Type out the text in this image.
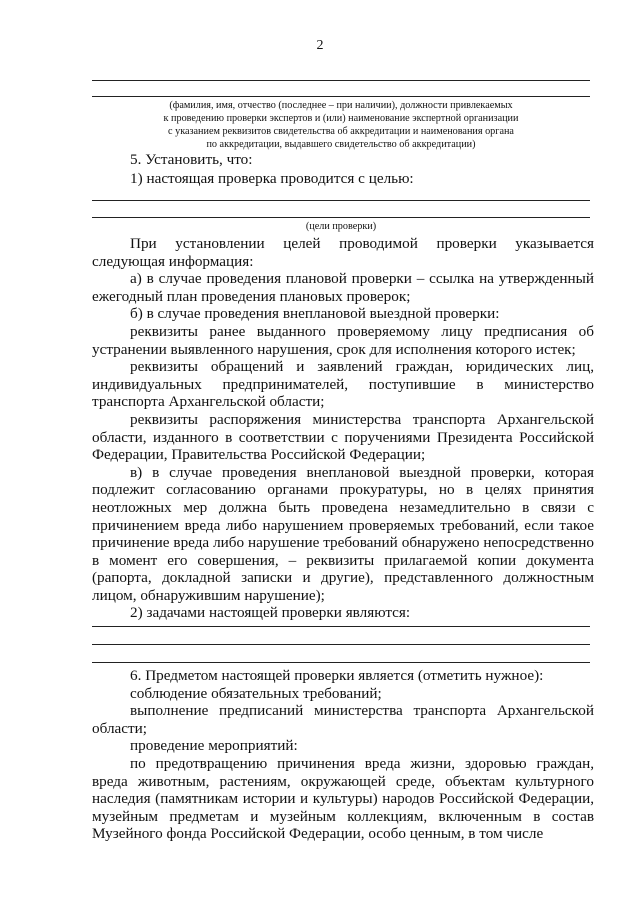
2
(фамилия, имя, отчество (последнее – при наличии), должности привлекаемых
к проведению проверки экспертов и (или) наименование экспертной организации
с указанием реквизитов свидетельства об аккредитации и наименования органа
по аккредитации, выдавшего свидетельство об аккредитации)
5. Установить, что:
1) настоящая проверка проводится с целью:
(цели проверки)
При установлении целей проводимой проверки указывается следующая информация:
а) в случае проведения плановой проверки – ссылка на утвержденный ежегодный план проведения плановых проверок;
б) в случае проведения внеплановой выездной проверки:
реквизиты ранее выданного проверяемому лицу предписания об устранении выявленного нарушения, срок для исполнения которого истек;
реквизиты обращений и заявлений граждан, юридических лиц, индивидуальных предпринимателей, поступившие в министерство транспорта Архангельской области;
реквизиты распоряжения министерства транспорта Архангельской области, изданного в соответствии с поручениями Президента Российской Федерации, Правительства Российской Федерации;
в) в случае проведения внеплановой выездной проверки, которая подлежит согласованию органами прокуратуры, но в целях принятия неотложных мер должна быть проведена незамедлительно в связи с причинением вреда либо нарушением проверяемых требований, если такое причинение вреда либо нарушение требований обнаружено непосредственно в момент его совершения, – реквизиты прилагаемой копии документа (рапорта, докладной записки и другие), представленного должностным лицом, обнаружившим нарушение);
2) задачами настоящей проверки являются:
6. Предметом настоящей проверки является (отметить нужное):
соблюдение обязательных требований;
выполнение предписаний министерства транспорта Архангельской области;
проведение мероприятий:
по предотвращению причинения вреда жизни, здоровью граждан, вреда животным, растениям, окружающей среде, объектам культурного наследия (памятникам истории и культуры) народов Российской Федерации, музейным предметам и музейным коллекциям, включенным в состав Музейного фонда Российской Федерации, особо ценным, в том числе
